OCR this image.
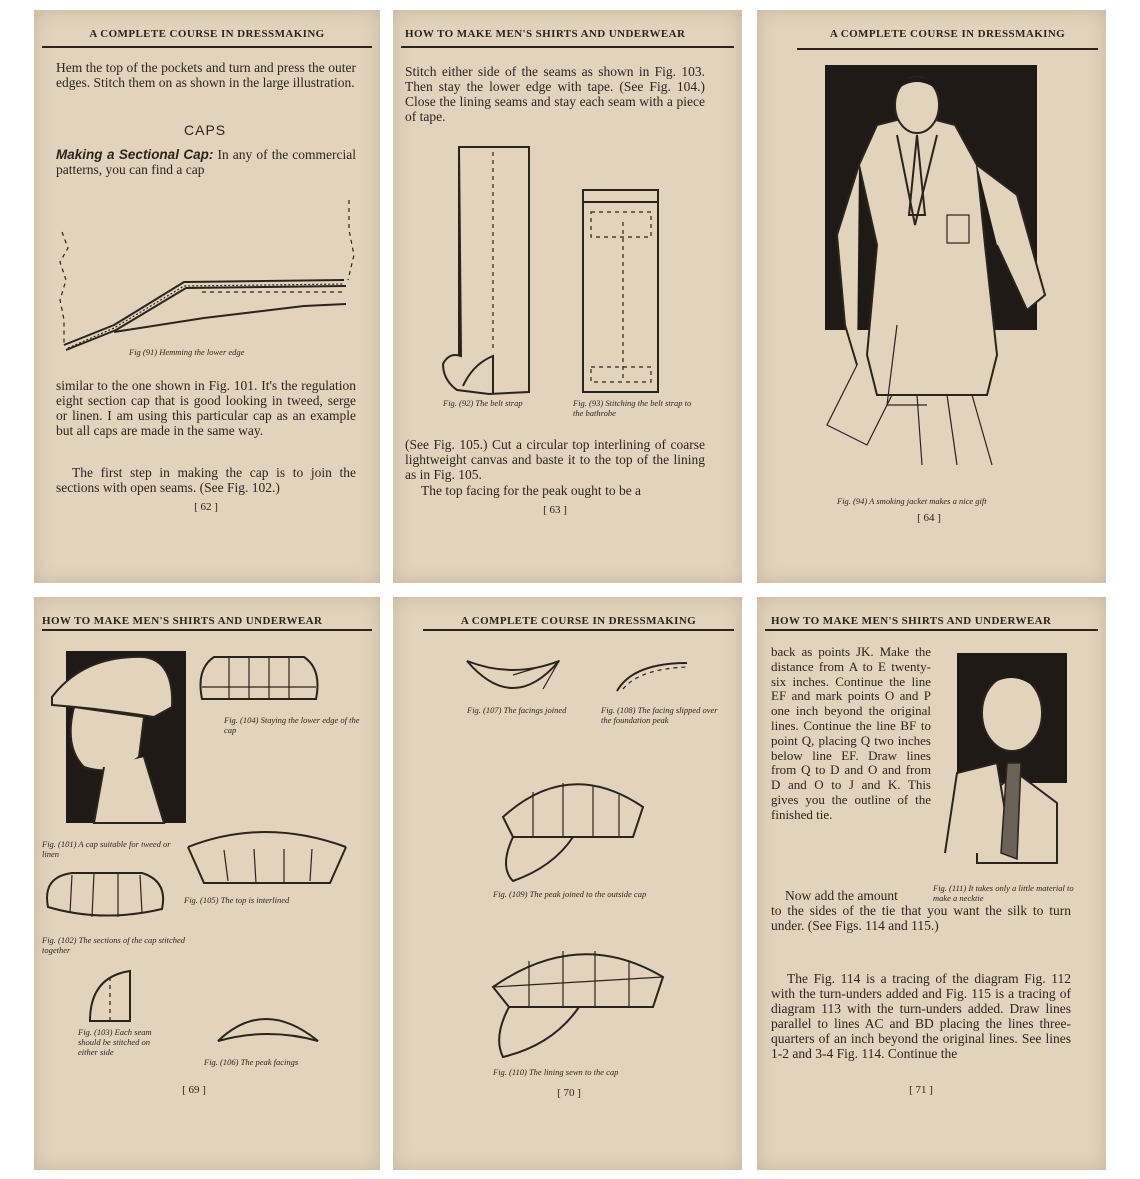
A COMPLETE COURSE IN DRESSMAKING
Hem the top of the pockets and turn and press the outer edges. Stitch them on as shown in the large illustration.
CAPS
Making a Sectional Cap: In any of the commercial patterns, you can find a cap
Fig (91) Hemming the lower edge
similar to the one shown in Fig. 101. It's the regulation eight section cap that is good looking in tweed, serge or linen. I am using this particular cap as an example but all caps are made in the same way.
The first step in making the cap is to join the sections with open seams. (See Fig. 102.)
[ 62 ]
HOW TO MAKE MEN'S SHIRTS AND UNDERWEAR
Stitch either side of the seams as shown in Fig. 103. Then stay the lower edge with tape. (See Fig. 104.) Close the lining seams and stay each seam with a piece of tape.
Fig. (92) The belt strap	Fig. (93) Stitching the belt strap to the bathrobe
(See Fig. 105.) Cut a circular top interlining of coarse lightweight canvas and baste it to the top of the lining as in Fig. 105.
The top facing for the peak ought to be a
[ 63 ]
A COMPLETE COURSE IN DRESSMAKING
Fig. (94) A smoking jacket makes a nice gift
[ 64 ]
HOW TO MAKE MEN'S SHIRTS AND UNDERWEAR
Fig. (101) A cap suitable for tweed or linen
Fig. (104) Staying the lower edge of the cap
Fig. (105) The top is interlined
Fig. (102) The sections of the cap stitched together
Fig. (103) Each seam should be stitched on either side
Fig. (106) The peak facings
[ 69 ]
A COMPLETE COURSE IN DRESSMAKING
Fig. (107) The facings joined	Fig. (108) The facing slipped over the foundation peak
Fig. (109) The peak joined to the outside cap
Fig. (110) The lining sewn to the cap
[ 70 ]
HOW TO MAKE MEN'S SHIRTS AND UNDERWEAR
back as points JK. Make the distance from A to E twenty-six inches. Continue the line EF and mark points O and P one inch beyond the original lines. Continue the line BF to point Q, placing Q two inches below line EF. Draw lines from Q to D and O and from D and O to J and K. This gives you the outline of the finished tie.
Fig. (111) It takes only a little material to make a necktie
Now add the amount
to the sides of the tie that you want the silk to turn under. (See Figs. 114 and 115.)
The Fig. 114 is a tracing of the diagram Fig. 112 with the turn-unders added and Fig. 115 is a tracing of diagram 113 with the turn-unders added. Draw lines parallel to lines AC and BD placing the lines three-quarters of an inch beyond the original lines. See lines 1-2 and 3-4 Fig. 114. Continue the
[ 71 ]
